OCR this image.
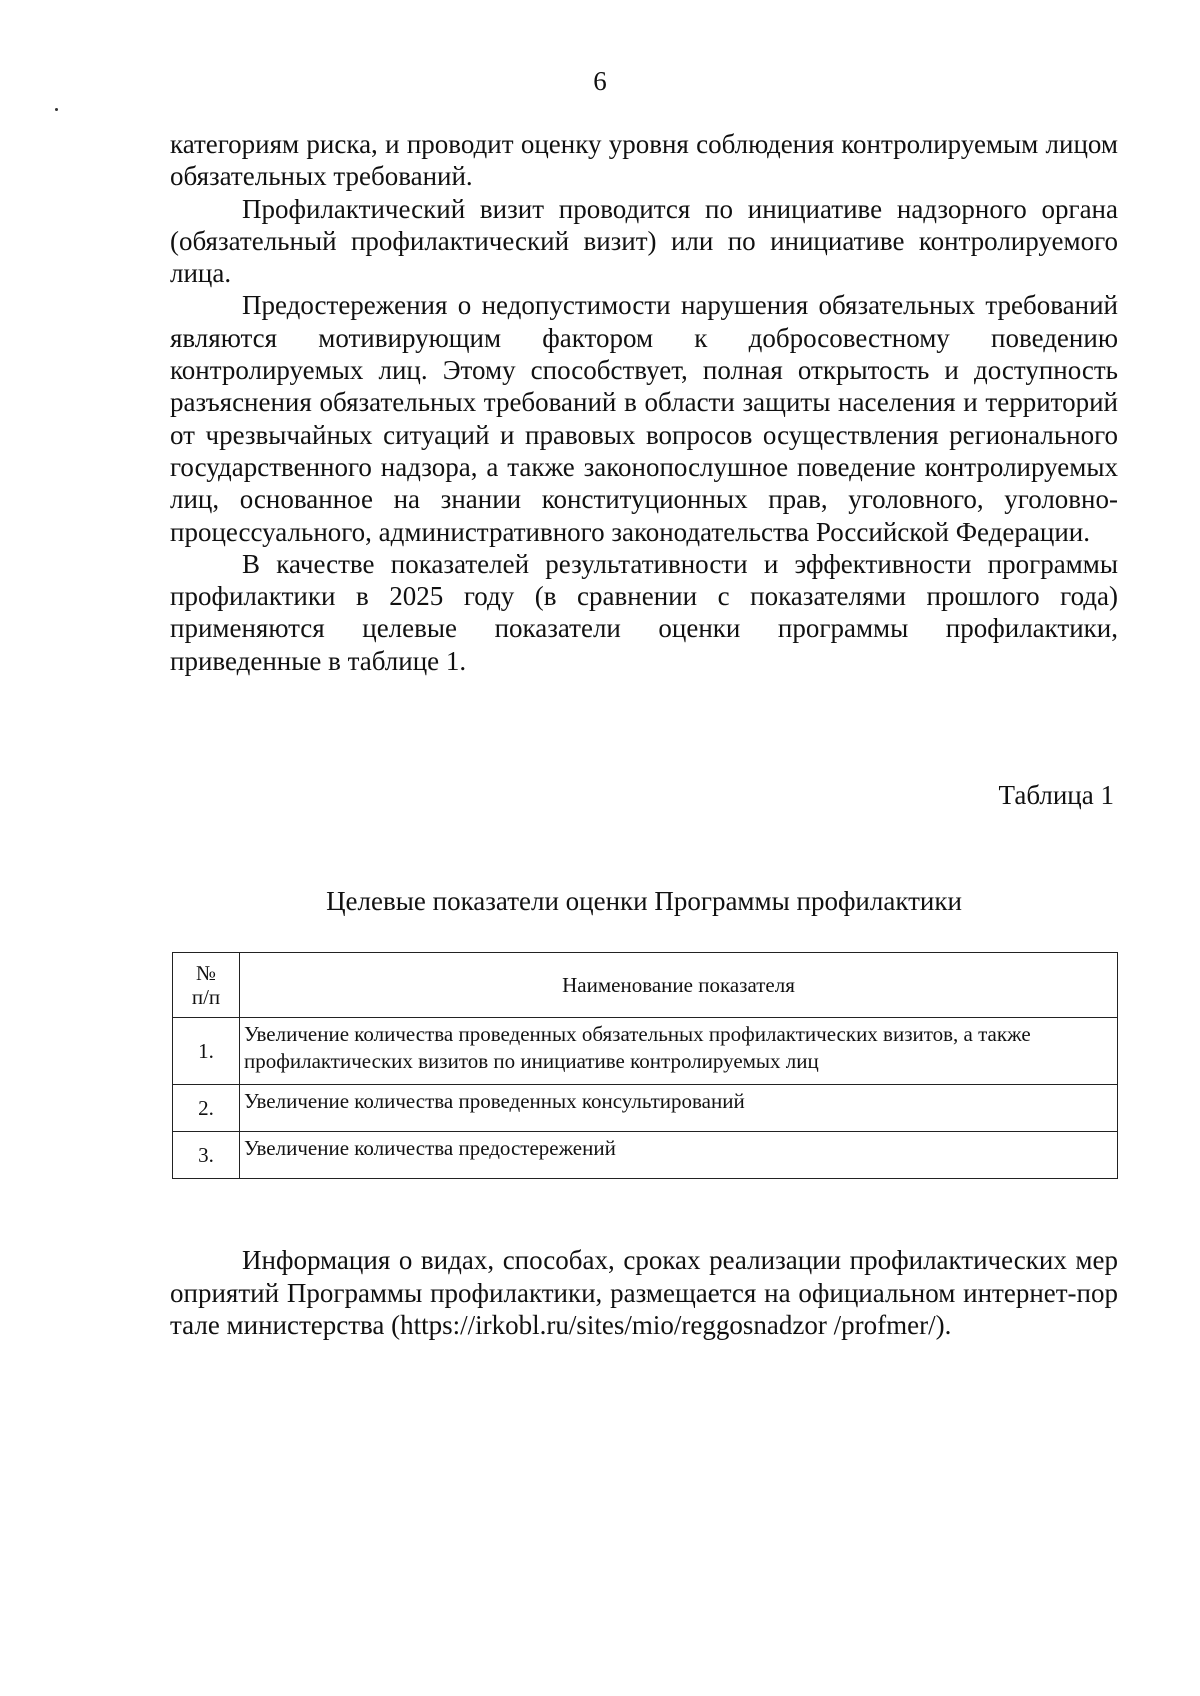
6

категориям риска, и проводит оценку уровня соблюдения контролируемым лицом обязательных требований.

Профилактический визит проводится по инициативе надзорного органа (обязательный профилактический визит) или по инициативе контролируемого лица.

Предостережения о недопустимости нарушения обязательных требований являются мотивирующим фактором к добросовестному поведению контролируемых лиц. Этому способствует, полная открытость и доступность разъяснения обязательных требований в области защиты населения и территорий от чрезвычайных ситуаций и правовых вопросов осуществления регионального государственного надзора, а также законопослушное поведение контролируемых лиц, основанное на знании конституционных прав, уголовного, уголовно-процессуального, административного законодательства Российской Федерации.

В качестве показателей результативности и эффективности программы профилактики в 2025 году (в сравнении с показателями прошлого года) применяются целевые показатели оценки программы профилактики, приведенные в таблице 1.

Таблица 1
Целевые показатели оценки Программы профилактики
№
п/п	Наименование показателя
1.	Увеличение количества проведенных обязательных профилактических визитов, а также профилактических визитов по инициативе контролируемых лиц
2.	Увеличение количества проведенных консультирований
3.	Увеличение количества предостережений

Информация о видах, способах, сроках реализации профилактических мероприятий Программы профилактики, размещается на официальном интернет-портале министерства (https://irkobl.ru/sites/mio/reggosnadzor /profmer/).
